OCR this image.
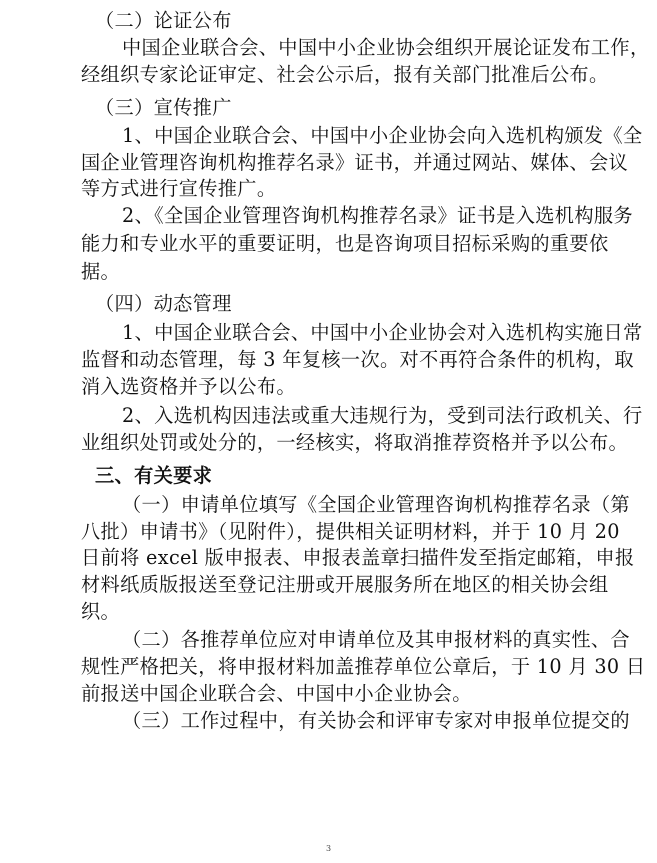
（二）论证公布
中国企业联合会、中国中小企业协会组织开展论证发布工作，
经组织专家论证审定、社会公示后，报有关部门批准后公布。
（三）宣传推广
1、中国企业联合会、中国中小企业协会向入选机构颁发《全
国企业管理咨询机构推荐名录》证书，并通过网站、媒体、会议
等方式进行宣传推广。
2、《全国企业管理咨询机构推荐名录》证书是入选机构服务
能力和专业水平的重要证明，也是咨询项目招标采购的重要依
据。
（四）动态管理
1、中国企业联合会、中国中小企业协会对入选机构实施日常
监督和动态管理，每 3 年复核一次。对不再符合条件的机构，取
消入选资格并予以公布。
2、入选机构因违法或重大违规行为，受到司法行政机关、行
业组织处罚或处分的，一经核实，将取消推荐资格并予以公布。
三、有关要求
（一）申请单位填写《全国企业管理咨询机构推荐名录（第
八批）申请书》（见附件），提供相关证明材料，并于 10 月 20
日前将 excel 版申报表、申报表盖章扫描件发至指定邮箱，申报
材料纸质版报送至登记注册或开展服务所在地区的相关协会组
织。
（二）各推荐单位应对申请单位及其申报材料的真实性、合
规性严格把关，将申报材料加盖推荐单位公章后，于 10 月 30 日
前报送中国企业联合会、中国中小企业协会。
（三）工作过程中，有关协会和评审专家对申报单位提交的
3
